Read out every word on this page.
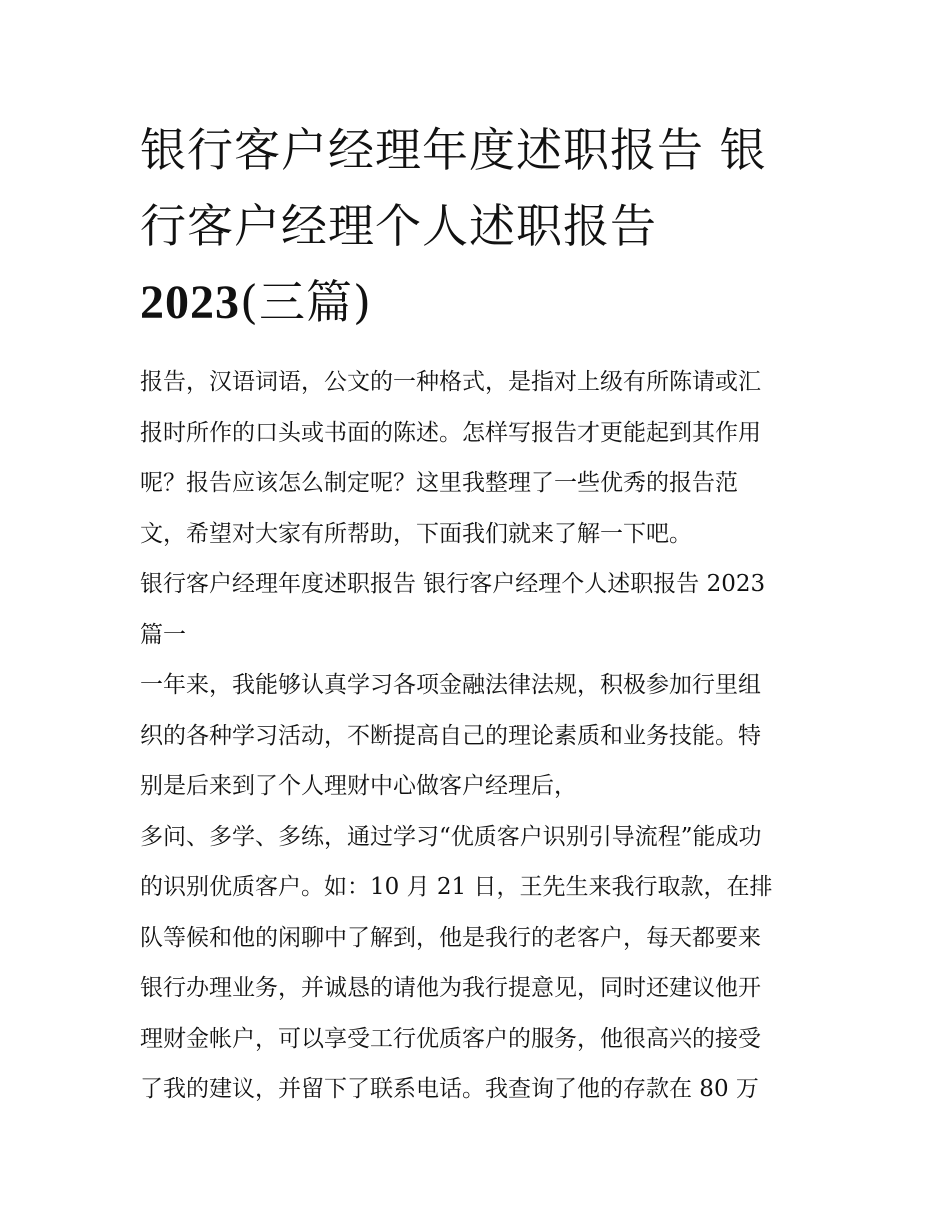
银行客户经理年度述职报告 银
行客户经理个人述职报告
2023(三篇)
报告，汉语词语，公文的一种格式，是指对上级有所陈请或汇
报时所作的口头或书面的陈述。怎样写报告才更能起到其作用
呢？报告应该怎么制定呢？这里我整理了一些优秀的报告范
文，希望对大家有所帮助，下面我们就来了解一下吧。
银行客户经理年度述职报告 银行客户经理个人述职报告 2023
篇一
一年来，我能够认真学习各项金融法律法规，积极参加行里组
织的各种学习活动，不断提高自己的理论素质和业务技能。特
别是后来到了个人理财中心做客户经理后，
多问、多学、多练，通过学习“优质客户识别引导流程”能成功
的识别优质客户。如：10 月 21 日，王先生来我行取款，在排
队等候和他的闲聊中了解到，他是我行的老客户，每天都要来
银行办理业务，并诚恳的请他为我行提意见，同时还建议他开
理财金帐户，可以享受工行优质客户的服务，他很高兴的接受
了我的建议，并留下了联系电话。我查询了他的存款在 80 万
